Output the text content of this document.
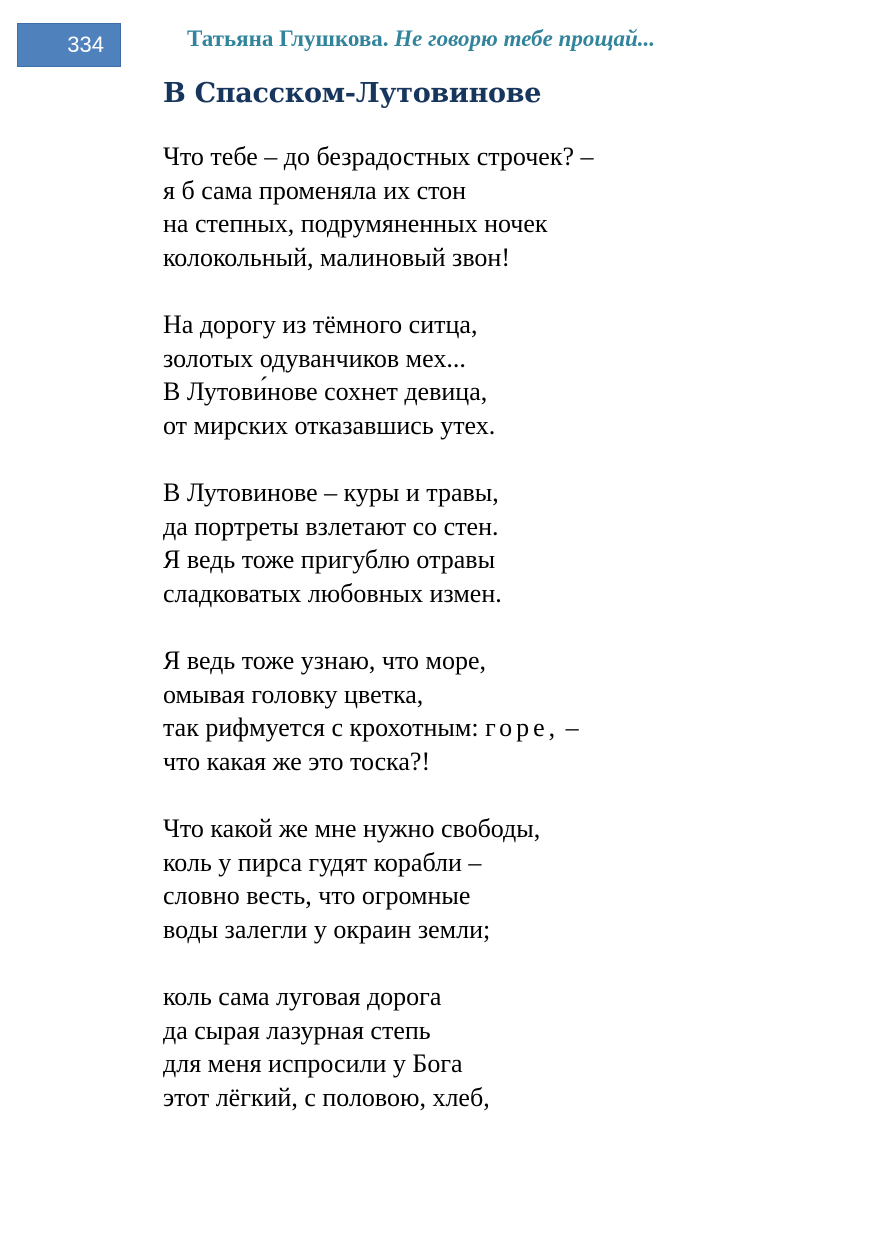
334	Татьяна Глушкова. Не говорю тебе прощай...
В Спасском-Лутовинове
Что тебе – до безрадостных строчек? –
я б сама променяла их стон
на степных, подрумяненных ночек
колокольный, малиновый звон!
На дорогу из тёмного ситца,
золотых одуванчиков мех...
В Лутови́нове сохнет девица,
от мирских отказавшись утех.
В Лутовинове – куры и травы,
да портреты взлетают со стен.
Я ведь тоже пригублю отравы
сладковатых любовных измен.
Я ведь тоже узнаю, что море,
омывая головку цветка,
так рифмуется с крохотным: горе, –
что какая же это тоска?!
Что какой же мне нужно свободы,
коль у пирса гудят корабли –
словно весть, что огромные
воды залегли у окраин земли;
коль сама луговая дорога
да сырая лазурная степь
для меня испросили у Бога
этот лёгкий, с половою, хлеб,
